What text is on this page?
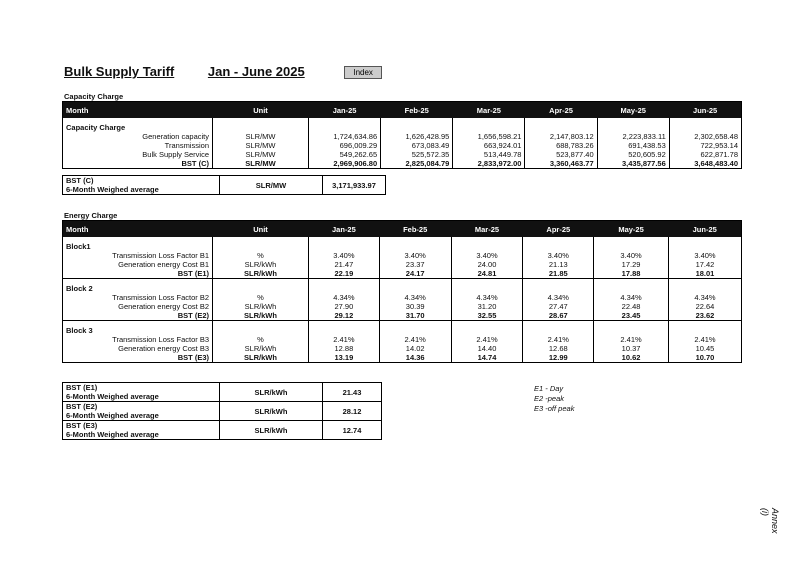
Bulk Supply Tariff	Jan - June 2025	Index
Capacity Charge
Month	Unit	Jan-25	Feb-25	Mar-25	Apr-25	May-25	Jun-25
Capacity Charge							
Generation capacity	SLR/MW	1,724,634.86	1,626,428.95	1,656,598.21	2,147,803.12	2,223,833.11	2,302,658.48
Transmission	SLR/MW	696,009.29	673,083.49	663,924.01	688,783.26	691,438.53	722,953.14
Bulk Supply Service	SLR/MW	549,262.65	525,572.35	513,449.78	523,877.40	520,605.92	622,871.78
BST (C)	SLR/MW	2,969,906.80	2,825,084.79	2,833,972.00	3,360,463.77	3,435,877.56	3,648,483.40
BST (C)
6-Month Weighed average	SLR/MW	3,171,933.97
Energy Charge
Month	Unit	Jan-25	Feb-25	Mar-25	Apr-25	May-25	Jun-25
Block1							
Transmission Loss Factor B1	%	3.40%	3.40%	3.40%	3.40%	3.40%	3.40%
Generation energy Cost B1	SLR/kWh	21.47	23.37	24.00	21.13	17.29	17.42
BST (E1)	SLR/kWh	22.19	24.17	24.81	21.85	17.88	18.01
Block 2							
Transmission Loss Factor B2	%	4.34%	4.34%	4.34%	4.34%	4.34%	4.34%
Generation energy Cost B2	SLR/kWh	27.90	30.39	31.20	27.47	22.48	22.64
BST (E2)	SLR/kWh	29.12	31.70	32.55	28.67	23.45	23.62
Block 3							
Transmission Loss Factor B3	%	2.41%	2.41%	2.41%	2.41%	2.41%	2.41%
Generation energy Cost B3	SLR/kWh	12.88	14.02	14.40	12.68	10.37	10.45
BST (E3)	SLR/kWh	13.19	14.36	14.74	12.99	10.62	10.70
BST (E1)
6-Month Weighed average	SLR/kWh	21.43

BST (E2)
6-Month Weighed average	SLR/kWh	28.12

BST (E3)
6-Month Weighed average	SLR/kWh	12.74
E1 - Day
E2 -peak
E3 -off peak
Annex (i)
